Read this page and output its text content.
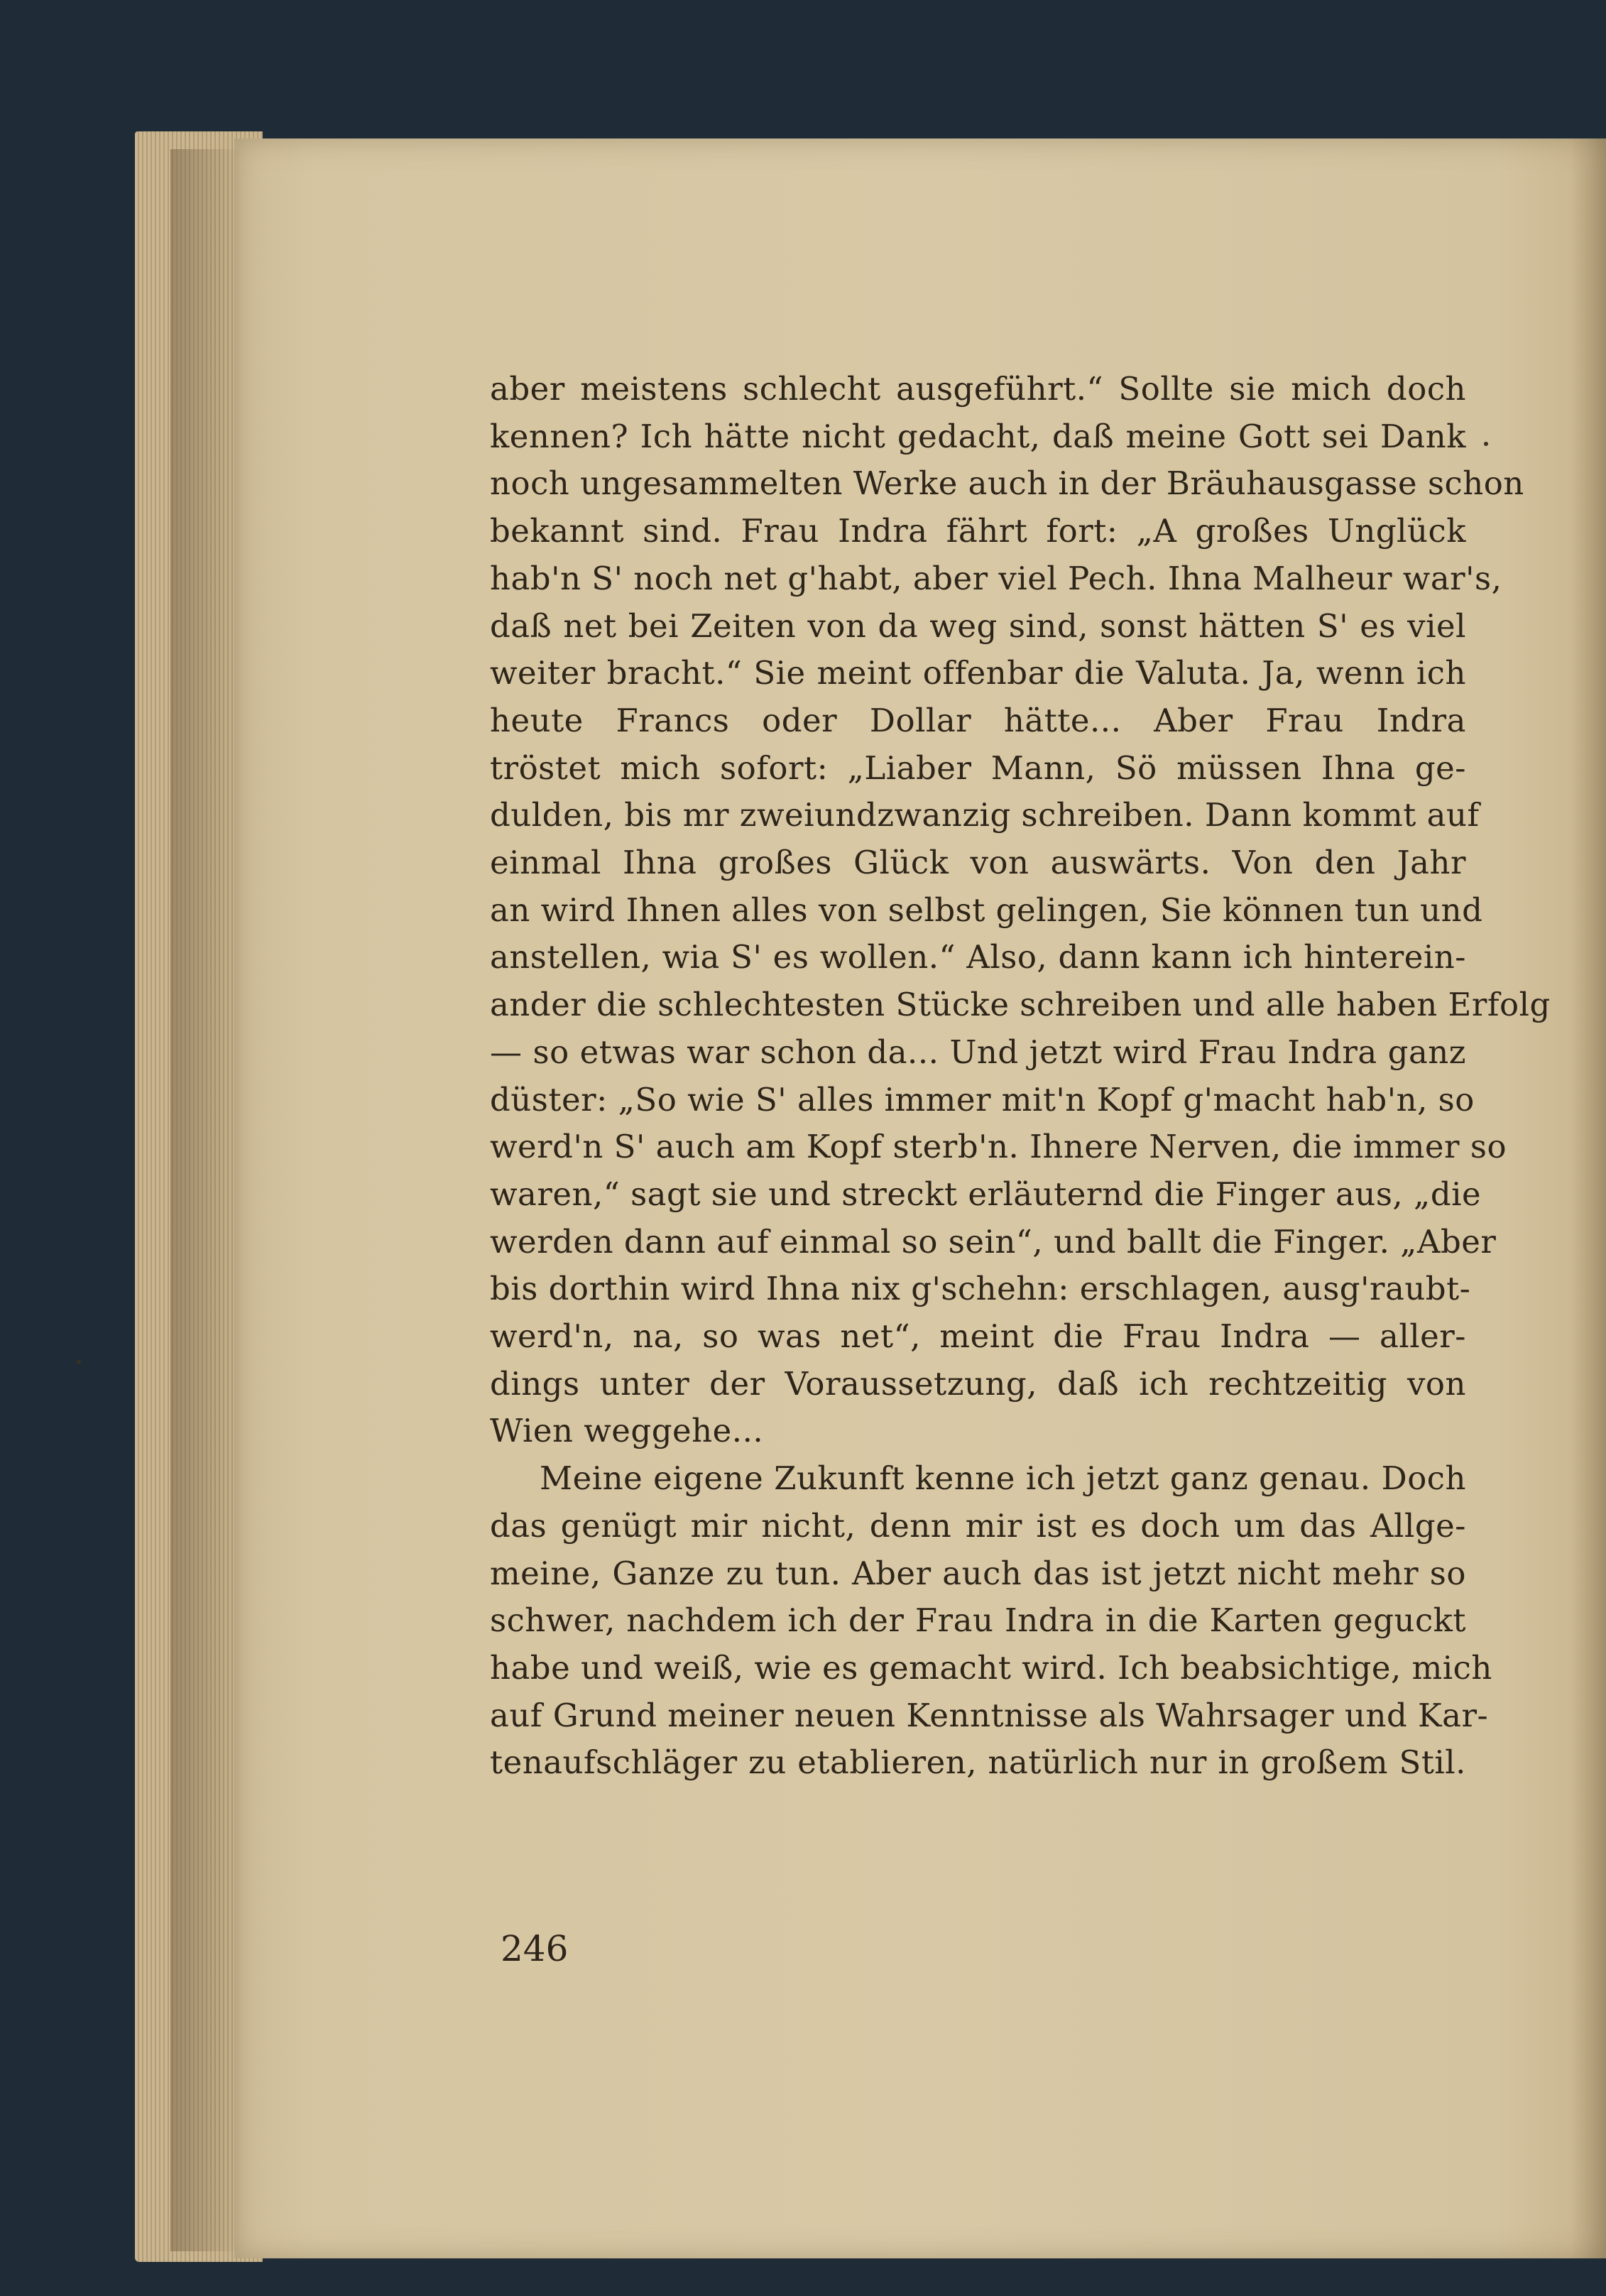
aber meistens schlecht ausgeführt.“ Sollte sie mich doch
kennen? Ich hätte nicht gedacht, daß meine Gott sei Dank
noch ungesammelten Werke auch in der Bräuhausgasse schon
bekannt sind. Frau Indra fährt fort: „A großes Unglück
hab'n S' noch net g'habt, aber viel Pech. Ihna Malheur war's,
daß net bei Zeiten von da weg sind, sonst hätten S' es viel
weiter bracht.“ Sie meint offenbar die Valuta. Ja, wenn ich
heute Francs oder Dollar hätte... Aber Frau Indra
tröstet mich sofort: „Liaber Mann, Sö müssen Ihna ge-
dulden, bis mr zweiundzwanzig schreiben. Dann kommt auf
einmal Ihna großes Glück von auswärts. Von den Jahr
an wird Ihnen alles von selbst gelingen, Sie können tun und
anstellen, wia S' es wollen.“ Also, dann kann ich hinterein-
ander die schlechtesten Stücke schreiben und alle haben Erfolg
— so etwas war schon da... Und jetzt wird Frau Indra ganz
düster: „So wie S' alles immer mit'n Kopf g'macht hab'n, so
werd'n S' auch am Kopf sterb'n. Ihnere Nerven, die immer so
waren,“ sagt sie und streckt erläuternd die Finger aus, „die
werden dann auf einmal so sein“, und ballt die Finger. „Aber
bis dorthin wird Ihna nix g'schehn: erschlagen, ausg'raubt-
werd'n, na, so was net“, meint die Frau Indra — aller-
dings unter der Voraussetzung, daß ich rechtzeitig von
Wien weggehe...
Meine eigene Zukunft kenne ich jetzt ganz genau. Doch
das genügt mir nicht, denn mir ist es doch um das Allge-
meine, Ganze zu tun. Aber auch das ist jetzt nicht mehr so
schwer, nachdem ich der Frau Indra in die Karten geguckt
habe und weiß, wie es gemacht wird. Ich beabsichtige, mich
auf Grund meiner neuen Kenntnisse als Wahrsager und Kar-
tenaufschläger zu etablieren, natürlich nur in großem Stil.

246
